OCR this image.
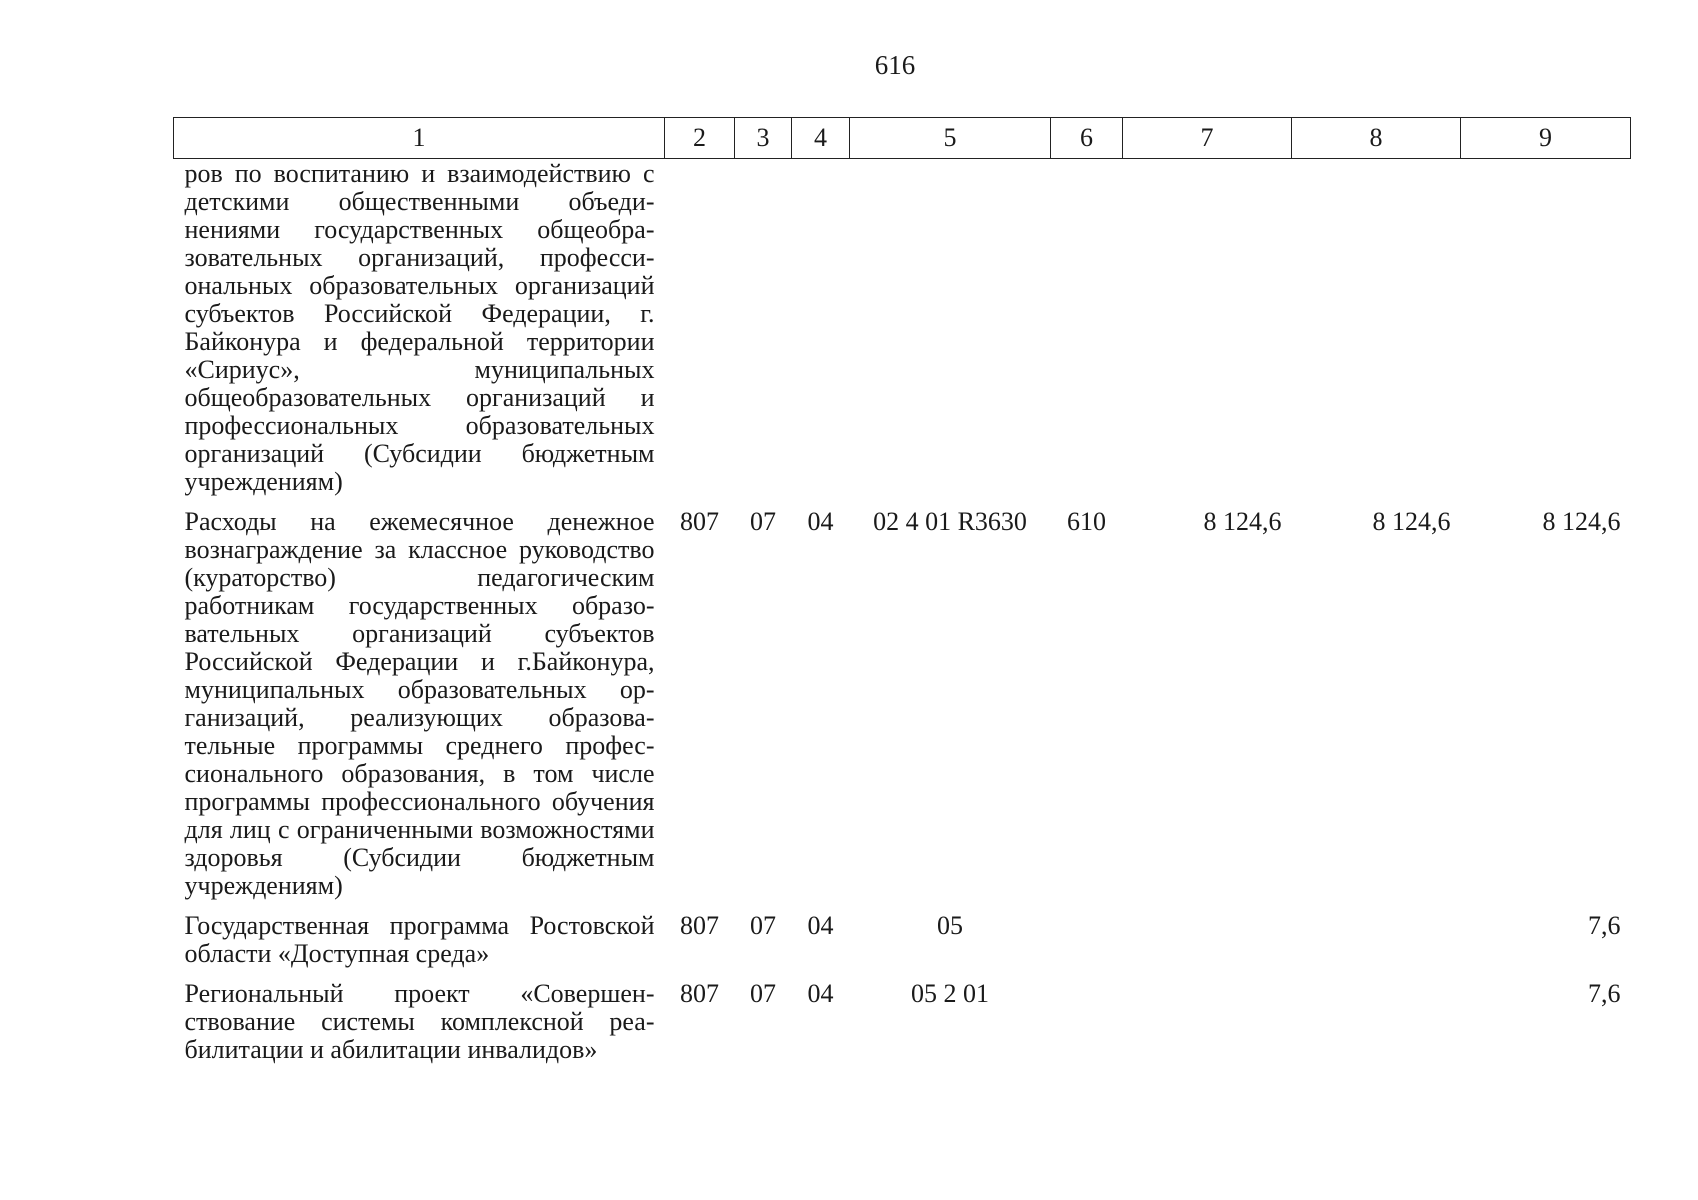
616
1	2	3	4	5	6	7	8	9
ров по воспитанию и взаимодействию с детскими общественными объединениями государственных общеобразовательных организаций, профессиональных образовательных организаций субъектов Российской Федерации, г. Байконура и федеральной территории «Сириус», муниципальных общеобразовательных организаций и профессиональных образовательных организаций (Субсидии бюджетным учреждениям)								
Расходы на ежемесячное денежное вознаграждение за классное руководство (кураторство) педагогическим работникам государственных образовательных организаций субъектов Российской Федерации и г.Байконура, муниципальных образовательных организаций, реализующих образовательные программы среднего профессионального образования, в том числе программы профессионального обучения для лиц с ограниченными возможностями здоровья (Субсидии бюджетным учреждениям)	807	07	04	02 4 01 R3630	610	8 124,6	8 124,6	8 124,6
Государственная программа Ростовской области «Доступная среда»	807	07	04	05				7,6
Региональный проект «Совершенствование системы комплексной реабилитации и абилитации инвалидов»	807	07	04	05 2 01				7,6
